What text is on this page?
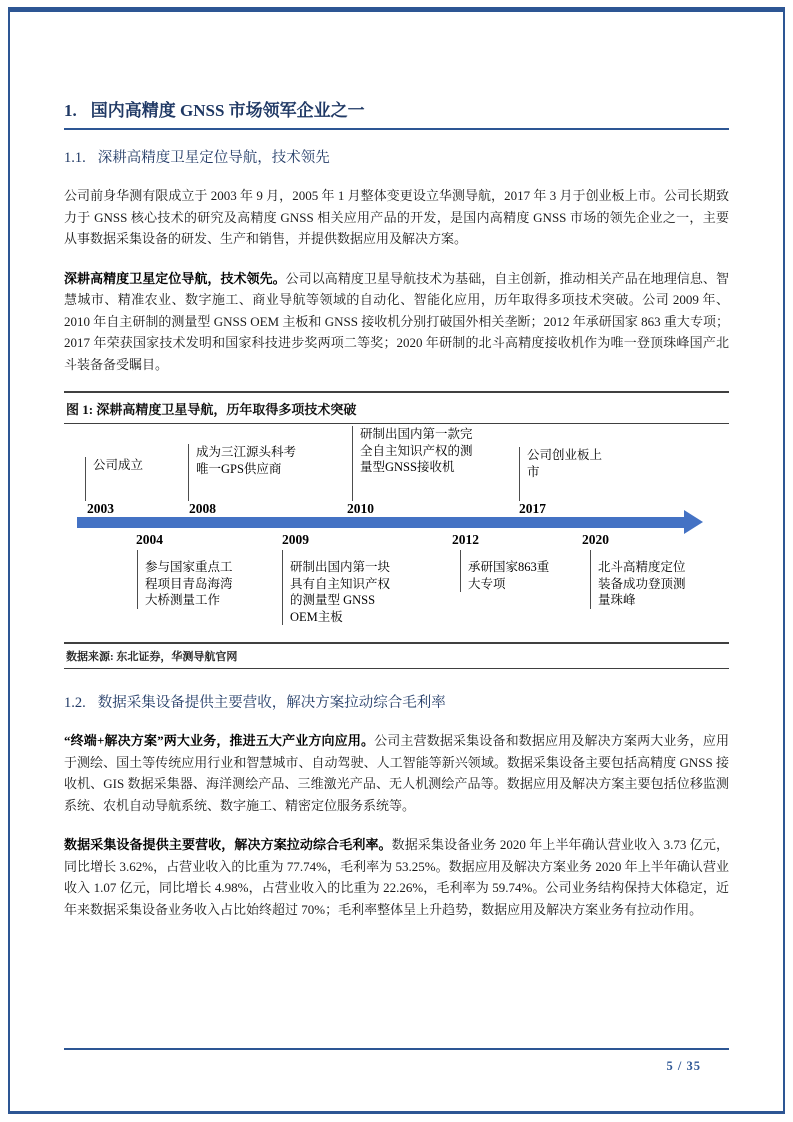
1. 国内高精度 GNSS 市场领军企业之一
1.1. 深耕高精度卫星定位导航，技术领先

公司前身华测有限成立于 2003 年 9 月，2005 年 1 月整体变更设立华测导航，2017 年 3 月于创业板上市。公司长期致力于 GNSS 核心技术的研究及高精度 GNSS 相关应用产品的开发，是国内高精度 GNSS 市场的领先企业之一，主要从事数据采集设备的研发、生产和销售，并提供数据应用及解决方案。

深耕高精度卫星定位导航，技术领先。公司以高精度卫星导航技术为基础，自主创新，推动相关产品在地理信息、智慧城市、精准农业、数字施工、商业导航等领域的自动化、智能化应用，历年取得多项技术突破。公司 2009 年、2010 年自主研制的测量型 GNSS OEM 主板和 GNSS 接收机分别打破国外相关垄断；2012 年承研国家 863 重大专项；2017 年荣获国家技术发明和国家科技进步奖两项二等奖；2020 年研制的北斗高精度接收机作为唯一登顶珠峰国产北斗装备备受瞩目。

图 1: 深耕高精度卫星导航，历年取得多项技术突破
公司成立
成为三江源头科考唯一GPS供应商
研制出国内第一款完全自主知识产权的测量型GNSS接收机
公司创业板上市
2003	2008	2010	2017
2004	2009	2012	2020
参与国家重点工程项目青岛海湾大桥测量工作
研制出国内第一块具有自主知识产权的测量型 GNSS OEM主板
承研国家863重大专项
北斗高精度定位装备成功登顶测量珠峰
数据来源: 东北证券，华测导航官网
1.2. 数据采集设备提供主要营收，解决方案拉动综合毛利率

“终端+解决方案”两大业务，推进五大产业方向应用。公司主营数据采集设备和数据应用及解决方案两大业务，应用于测绘、国土等传统应用行业和智慧城市、自动驾驶、人工智能等新兴领域。数据采集设备主要包括高精度 GNSS 接收机、GIS 数据采集器、海洋测绘产品、三维激光产品、无人机测绘产品等。数据应用及解决方案主要包括位移监测系统、农机自动导航系统、数字施工、精密定位服务系统等。

数据采集设备提供主要营收，解决方案拉动综合毛利率。数据采集设备业务 2020 年上半年确认营业收入 3.73 亿元，同比增长 3.62%，占营业收入的比重为 77.74%，毛利率为 53.25%。数据应用及解决方案业务 2020 年上半年确认营业收入 1.07 亿元，同比增长 4.98%，占营业收入的比重为 22.26%，毛利率为 59.74%。公司业务结构保持大体稳定，近年来数据采集设备业务收入占比始终超过 70%；毛利率整体呈上升趋势，数据应用及解决方案业务有拉动作用。

5 / 35
